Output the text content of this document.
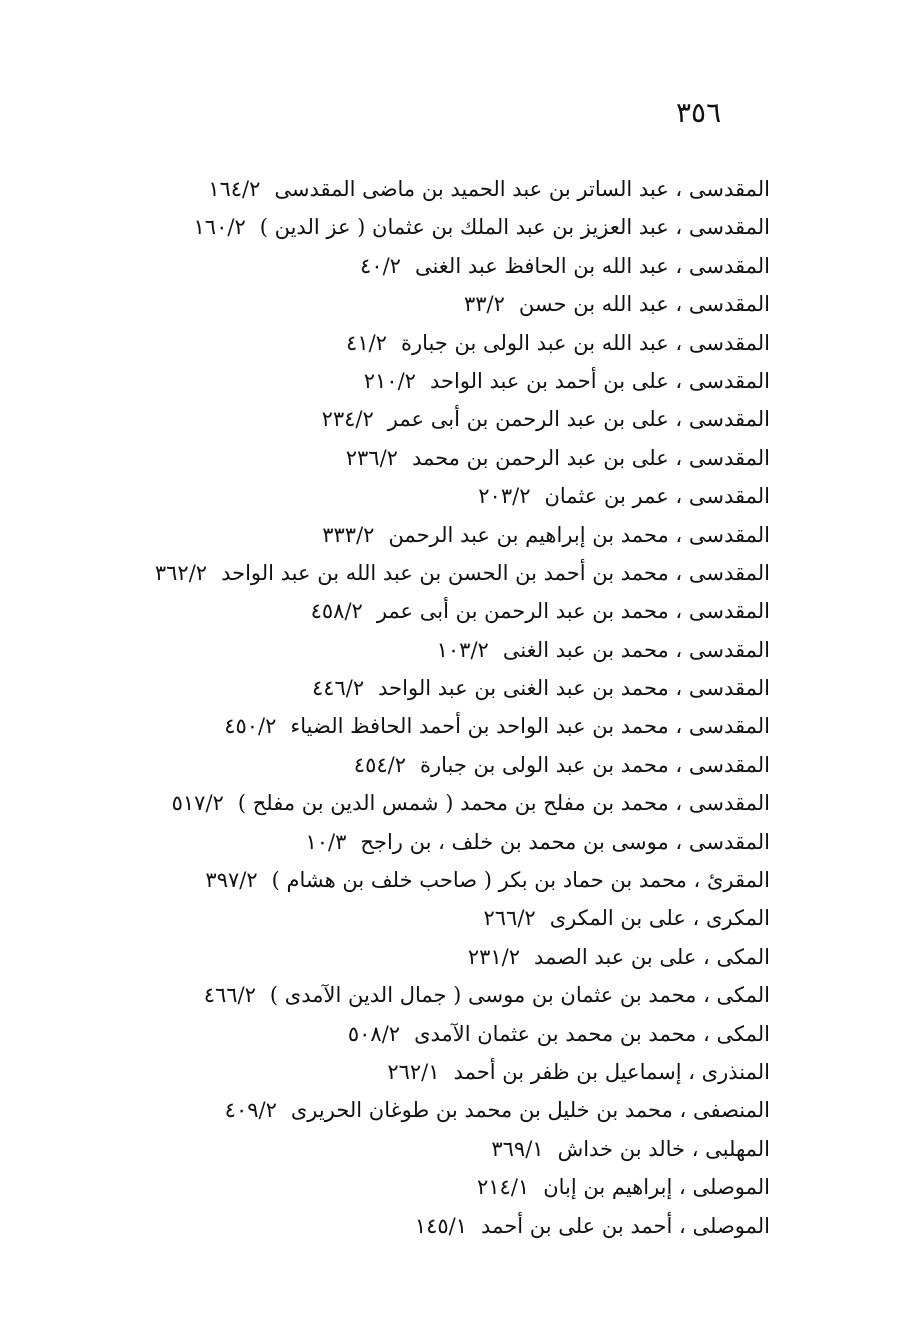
٣٥٦
المقدسى ، عبد الساتر بن عبد الحميد بن ماضى المقدسى١٦٤/٢
المقدسى ، عبد العزيز بن عبد الملك بن عثمان ( عز الدين )١٦٠/٢
المقدسى ، عبد الله بن الحافظ عبد الغنى٤٠/٢
المقدسى ، عبد الله بن حسن٣٣/٢
المقدسى ، عبد الله بن عبد الولى بن جبارة٤١/٢
المقدسى ، على بن أحمد بن عبد الواحد٢١٠/٢
المقدسى ، على بن عبد الرحمن بن أبى عمر٢٣٤/٢
المقدسى ، على بن عبد الرحمن بن محمد٢٣٦/٢
المقدسى ، عمر بن عثمان٢٠٣/٢
المقدسى ، محمد بن إبراهيم بن عبد الرحمن٣٣٣/٢
المقدسى ، محمد بن أحمد بن الحسن بن عبد الله بن عبد الواحد٣٦٢/٢
المقدسى ، محمد بن عبد الرحمن بن أبى عمر٤٥٨/٢
المقدسى ، محمد بن عبد الغنى١٠٣/٢
المقدسى ، محمد بن عبد الغنى بن عبد الواحد٤٤٦/٢
المقدسى ، محمد بن عبد الواحد بن أحمد الحافظ الضياء٤٥٠/٢
المقدسى ، محمد بن عبد الولى بن جبارة٤٥٤/٢
المقدسى ، محمد بن مفلح بن محمد ( شمس الدين بن مفلح )٥١٧/٢
المقدسى ، موسى بن محمد بن خلف ، بن راجح١٠/٣
المقرئ ، محمد بن حماد بن بكر ( صاحب خلف بن هشام )٣٩٧/٢
المكرى ، على بن المكرى٢٦٦/٢
المكى ، على بن عبد الصمد٢٣١/٢
المكى ، محمد بن عثمان بن موسى ( جمال الدين الآمدى )٤٦٦/٢
المكى ، محمد بن محمد بن عثمان الآمدى٥٠٨/٢
المنذرى ، إسماعيل بن ظفر بن أحمد٢٦٢/١
المنصفى ، محمد بن خليل بن محمد بن طوغان الحريرى٤٠٩/٢
المهلبى ، خالد بن خداش٣٦٩/١
الموصلى ، إبراهيم بن إبان٢١٤/١
الموصلى ، أحمد بن على بن أحمد١٤٥/١
